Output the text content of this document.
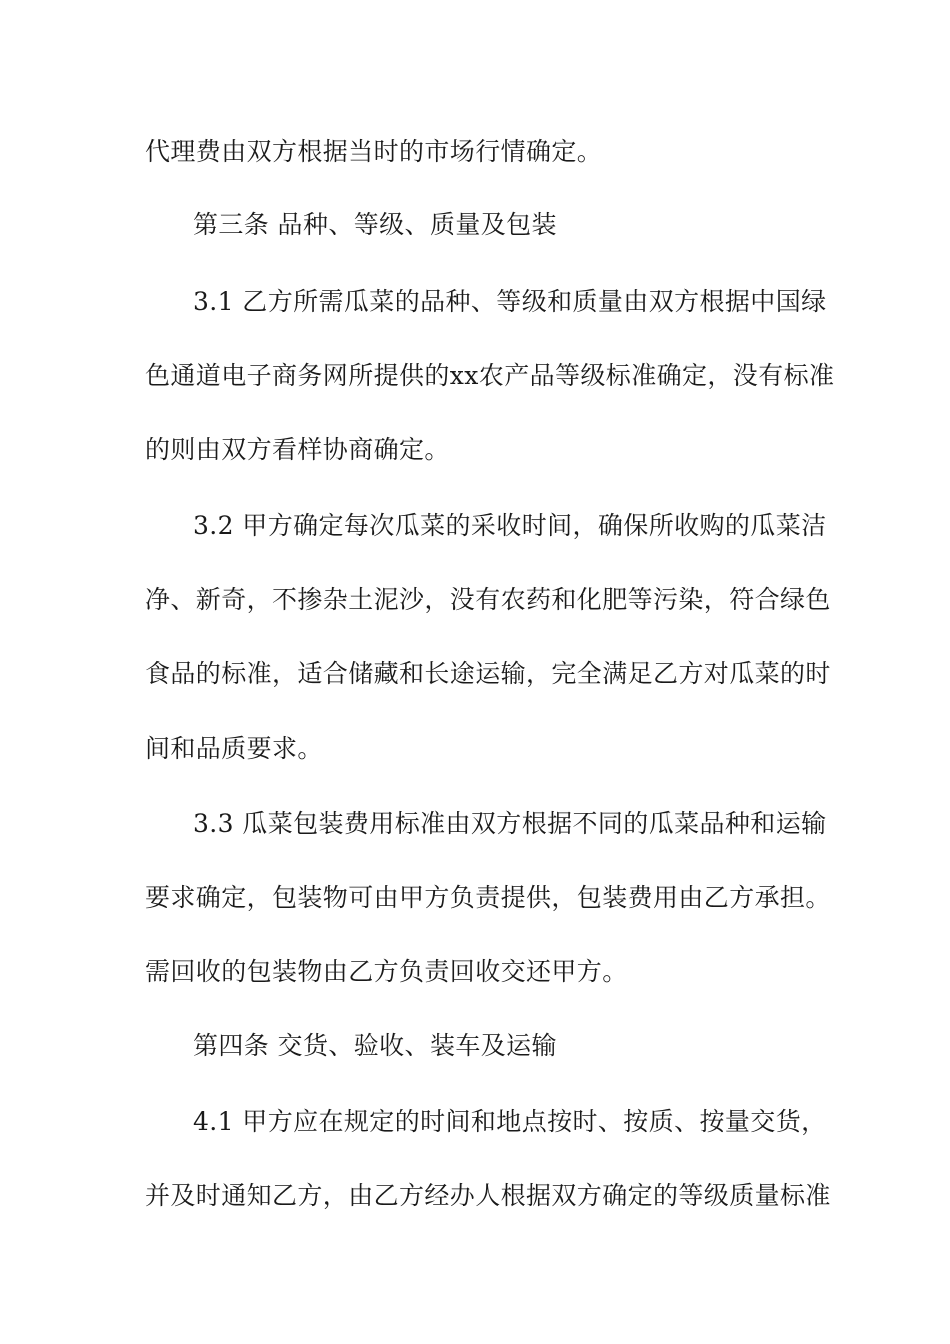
代理费由双方根据当时的市场行情确定。
第三条 品种、等级、质量及包装
3.1 乙方所需瓜菜的品种、等级和质量由双方根据中国绿
色通道电子商务网所提供的xx农产品等级标准确定，没有标准
的则由双方看样协商确定。
3.2 甲方确定每次瓜菜的采收时间，确保所收购的瓜菜洁
净、新奇，不掺杂土泥沙，没有农药和化肥等污染，符合绿色
食品的标准，适合储藏和长途运输，完全满足乙方对瓜菜的时
间和品质要求。
3.3 瓜菜包装费用标准由双方根据不同的瓜菜品种和运输
要求确定，包装物可由甲方负责提供，包装费用由乙方承担。
需回收的包装物由乙方负责回收交还甲方。
第四条 交货、验收、装车及运输
4.1 甲方应在规定的时间和地点按时、按质、按量交货，
并及时通知乙方，由乙方经办人根据双方确定的等级质量标准
